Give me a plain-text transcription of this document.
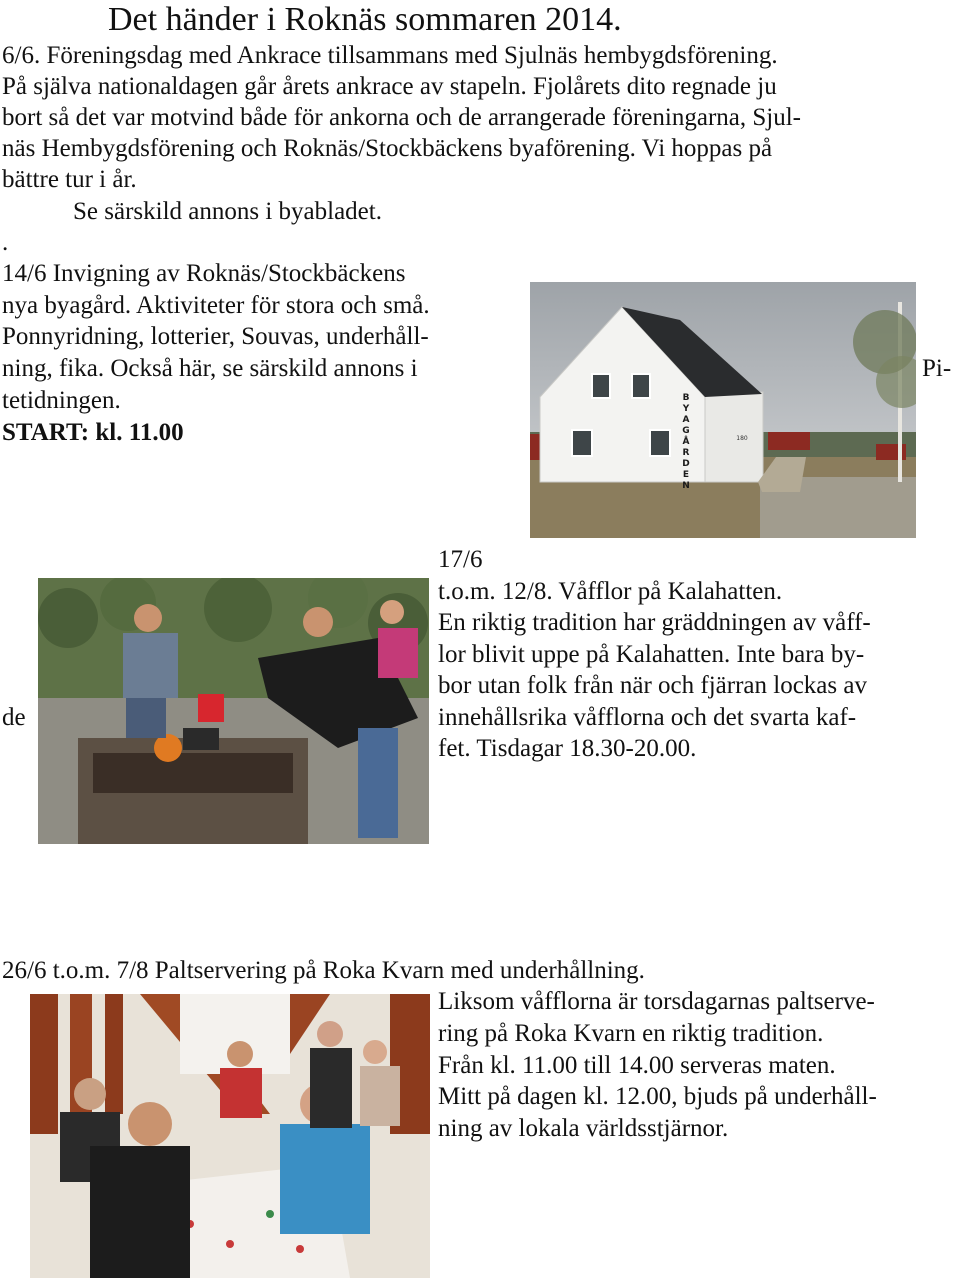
Det händer i Roknäs sommaren 2014.
6/6. Föreningsdag med Ankrace tillsammans med Sjulnäs hembygdsförening.
På själva nationaldagen går årets ankrace av stapeln. Fjolårets dito regnade ju
bort så det var motvind både för ankorna och de arrangerade föreningarna, Sjul-
näs Hembygdsförening och Roknäs/Stockbäckens byaförening. Vi hoppas på
bättre tur i år.
Se särskild annons i byabladet.
.
14/6 Invigning av Roknäs/Stockbäckens
nya byagård. Aktiviteter för stora och små.
Ponnyridning, lotterier, Souvas, underhåll-
ning, fika. Också här, se särskild annons i	Pi-
tetidningen.
START: kl. 11.00
B
Y
A
G
Å
R
D
E
N
180
17/6
t.o.m. 12/8. Våfflor på Kalahatten.
En riktig tradition har gräddningen av våff-
lor blivit uppe på Kalahatten. Inte bara by-
bor utan folk från när och fjärran lockas av
de	innehållsrika våfflorna och det svarta kaf-
fet. Tisdagar 18.30-20.00.
26/6 t.o.m. 7/8 Paltservering på Roka Kvarn med underhållning.
Liksom våfflorna är torsdagarnas paltserve-
ring på Roka Kvarn en riktig tradition.
Från kl. 11.00 till 14.00 serveras maten.
Mitt på dagen kl. 12.00, bjuds på underhåll-
ning av lokala världsstjärnor.
